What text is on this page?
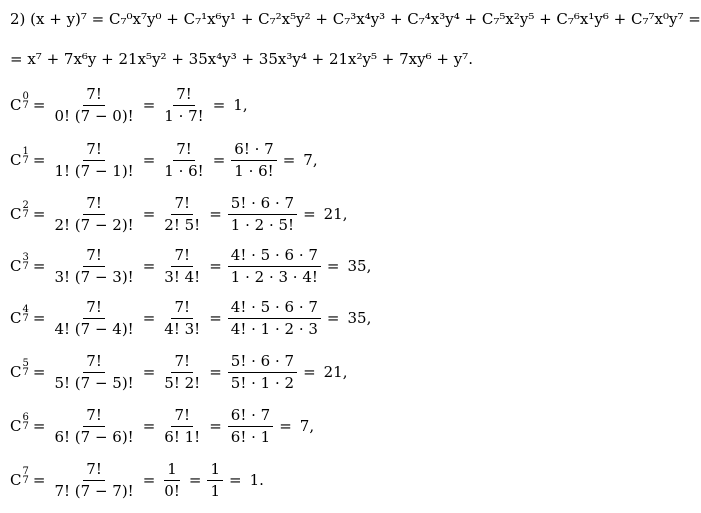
2) (x + y)⁷ = C₇⁰x⁷y⁰ + C₇¹x⁶y¹ + C₇²x⁵y² + C₇³x⁴y³ + C₇⁴x³y⁴ + C₇⁵x²y⁵ + C₇⁶x¹y⁶ + C₇⁷x⁰y⁷ =
= x⁷ + 7x⁶y + 21x⁵y² + 35x⁴y³ + 35x³y⁴ + 21x²y⁵ + 7xy⁶ + y⁷.
C 0
$7 = \frac{7!}{0! (7 - 0)!} = \frac{7!}{1 \cdot 7!} = 1$,
C 1
$7 = \frac{7!}{1! (7 - 1)!} = \frac{7!}{1 \cdot 6!} = \frac{6! \cdot 7}{1 \cdot 6!} = 7$,
C 2
$7 = \frac{7!}{2! (7 - 2)!} = \frac{7!}{2! 5!} = \frac{5! \cdot 6 \cdot 7}{1 \cdot 2 \cdot 5!} = 21$,
C 3
$7 = \frac{7!}{3! (7 - 3)!} = \frac{7!}{3! 4!} = \frac{4! \cdot 5 \cdot 6 \cdot 7}{1 \cdot 2 \cdot 3 \cdot 4!} = 35$,
C 4
$7 = \frac{7!}{4! (7 - 4)!} = \frac{7!}{4! 3!} = \frac{4! \cdot 5 \cdot 6 \cdot 7}{4! \cdot 1 \cdot 2 \cdot 3} = 35$,
C 5
$7 = \frac{7!}{5! (7 - 5)!} = \frac{7!}{5! 2!} = \frac{5! \cdot 6 \cdot 7}{5! \cdot 1 \cdot 2} = 21$,
C 6
$7 = \frac{7!}{6! (7 - 6)!} = \frac{7!}{6! 1!} = \frac{6! \cdot 7}{6! \cdot 1} = 7$,
C 7
$7 = \frac{7!}{7! (7 - 7)!} = \frac{1}{0!} = \frac{1}{1} = 1$.
